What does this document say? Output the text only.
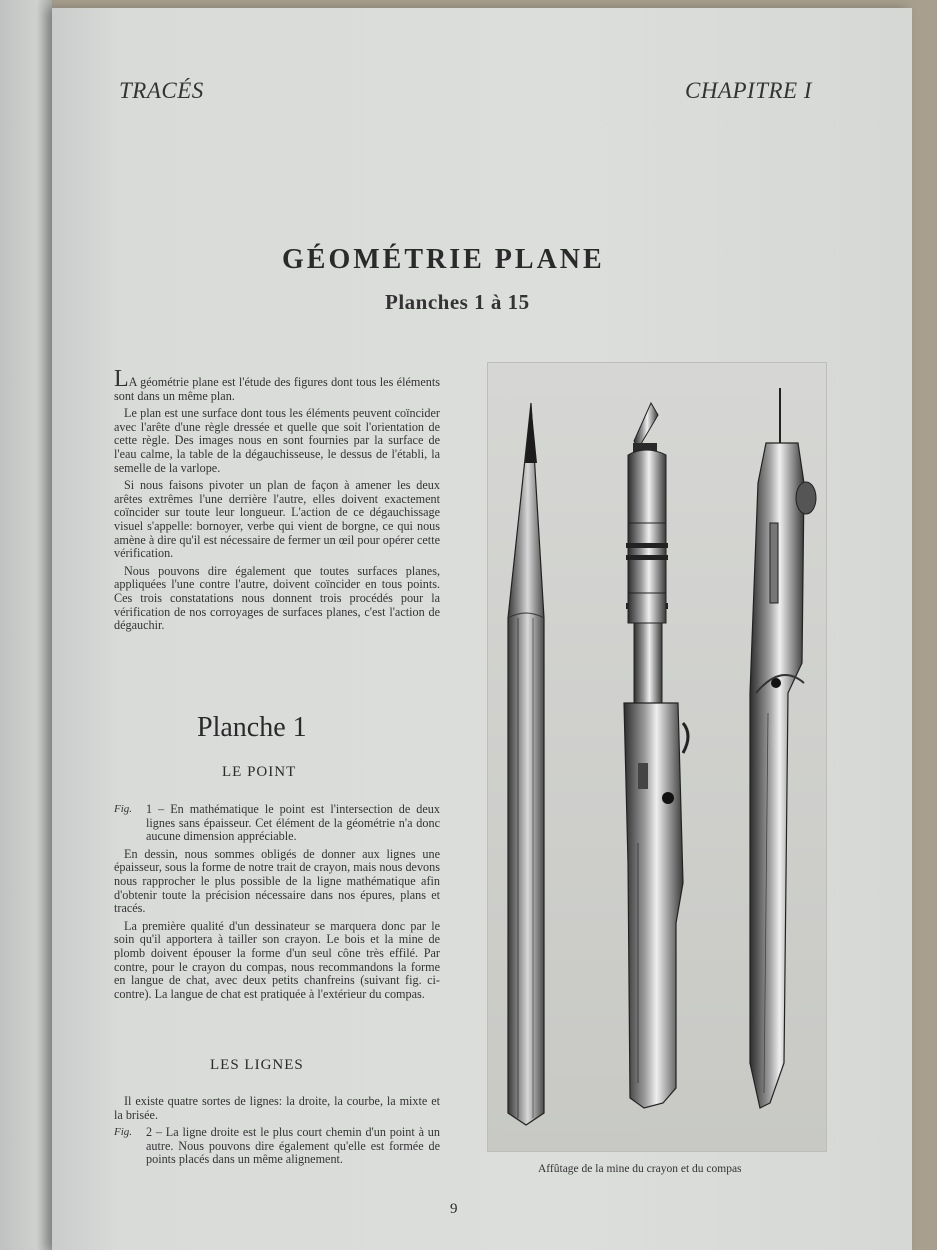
TRACÉS	CHAPITRE I
GÉOMÉTRIE PLANE
Planches 1 à 15

LA géométrie plane est l'étude des figures dont tous les éléments sont dans un même plan.

Le plan est une surface dont tous les éléments peuvent coïncider avec l'arête d'une règle dressée et quelle que soit l'orientation de cette règle. Des images nous en sont fournies par la surface de l'eau calme, la table de la dégauchisseuse, le dessus de l'établi, la semelle de la varlope.

Si nous faisons pivoter un plan de façon à amener les deux arêtes extrêmes l'une derrière l'autre, elles doivent exactement coïncider sur toute leur longueur. L'action de ce dégauchissage visuel s'appelle: bornoyer, verbe qui vient de borgne, ce qui nous amène à dire qu'il est nécessaire de fermer un œil pour opérer cette vérification.

Nous pouvons dire également que toutes surfaces planes, appliquées l'une contre l'autre, doivent coïncider en tous points. Ces trois constatations nous donnent trois procédés pour la vérification de nos corroyages de surfaces planes, c'est l'action de dégauchir.

Planche 1
LE POINT
Fig.	1 – En mathématique le point est l'intersection de deux lignes sans épaisseur. Cet élément de la géométrie n'a donc aucune dimension appréciable.

En dessin, nous sommes obligés de donner aux lignes une épaisseur, sous la forme de notre trait de crayon, mais nous devons nous rapprocher le plus possible de la ligne mathématique afin d'obtenir toute la précision nécessaire dans nos épures, plans et tracés.

La première qualité d'un dessinateur se marquera donc par le soin qu'il apportera à tailler son crayon. Le bois et la mine de plomb doivent épouser la forme d'un seul cône très effilé. Par contre, pour le crayon du compas, nous recommandons la forme en langue de chat, avec deux petits chanfreins (suivant fig. ci-contre). La langue de chat est pratiquée à l'extérieur du compas.

LES LIGNES

Il existe quatre sortes de lignes: la droite, la courbe, la mixte et la brisée.

Fig.	2 – La ligne droite est le plus court chemin d'un point à un autre. Nous pouvons dire également qu'elle est formée de points placés dans un même alignement.
Affûtage de la mine du crayon et du compas
9
